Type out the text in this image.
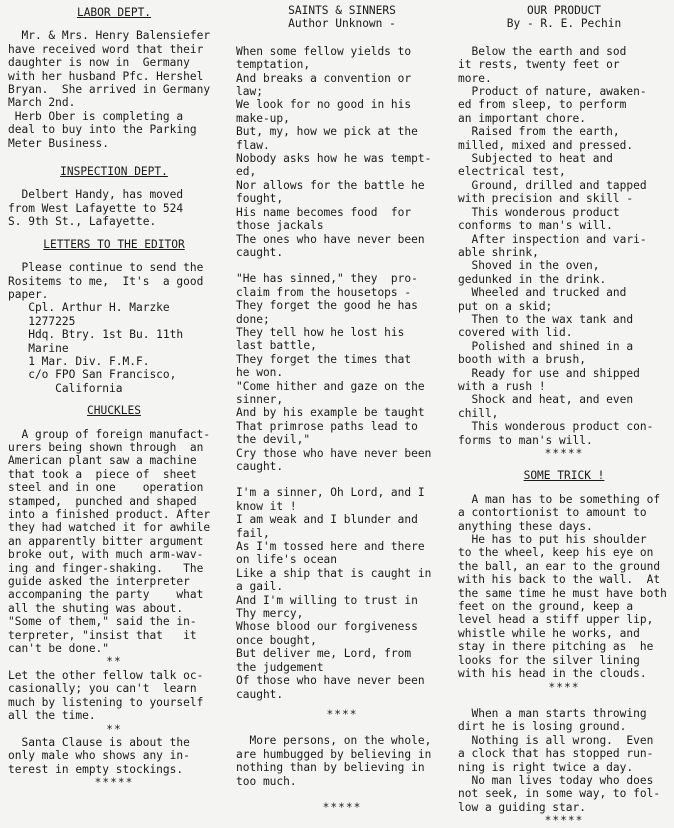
LABOR DEPT.

Mr. & Mrs. Henry Balensiefer
have received word that their
daughter is now in  Germany
with her husband Pfc. Hershel
Bryan.  She arrived in Germany
March 2nd.
Herb Ober is completing a
deal to buy into the Parking
Meter Business.

INSPECTION DEPT.

Delbert Handy, has moved
from West Lafayette to 524
S. 9th St., Lafayette.

LETTERS TO THE EDITOR

Please continue to send the
Rositems to me,  It's  a good
paper.
Cpl. Arthur H. Marzke
1277225
Hdq. Btry. 1st Bu. 11th
Marine
1 Mar. Div. F.M.F.
c/o FPO San Francisco,
California

CHUCKLES

A group of foreign manufact-
urers being shown through  an
American plant saw a machine
that took a  piece of  sheet
steel and in one    operation
stamped,  punched and shaped
into a finished product. After
they had watched it for awhile
an apparently bitter argument
broke out, with much arm-wav-
ing and finger-shaking.   The
guide asked the interpreter
accompaning the party    what
all the shuting was about.
"Some of them," said the in-
terpreter, "insist that   it
can't be done."

**

Let the other fellow talk oc-
casionally; you can't  learn
much by listening to yourself
all the time.

**

Santa Clause is about the
only male who shows any in-
terest in empty stockings.

*****
SAINTS & SINNERS
Author Unknown -

When some fellow yields to
temptation,
And breaks a convention or
law;
We look for no good in his
make-up,
But, my, how we pick at the
flaw.
Nobody asks how he was tempt-
ed,
Nor allows for the battle he
fought,
His name becomes food  for
those jackals
The ones who have never been
caught.

"He has sinned," they  pro-
claim from the housetops -
They forget the good he has
done;
They tell how he lost his
last battle,
They forget the times that
he won.
"Come hither and gaze on the
sinner,
And by his example be taught
That primrose paths lead to
the devil,"
Cry those who have never been
caught.

I'm a sinner, Oh Lord, and I
know it !
I am weak and I blunder and
fail,
As I'm tossed here and there
on life's ocean
Like a ship that is caught in
a gail.
And I'm willing to trust in
Thy mercy,
Whose blood our forgiveness
once bought,
But deliver me, Lord, from
the judgement
Of those who have never been
caught.

****

More persons, on the whole,
are humbugged by believing in
nothing than by believing in
too much.

*****
OUR PRODUCT
By - R. E. Pechin

Below the earth and sod
it rests, twenty feet or
more.
Product of nature, awaken-
ed from sleep, to perform
an important chore.
Raised from the earth,
milled, mixed and pressed.
Subjected to heat and
electrical test,
Ground, drilled and tapped
with precision and skill -
This wonderous product
conforms to man's will.
After inspection and vari-
able shrink,
Shoved in the oven,
gedunked in the drink.
Wheeled and trucked and
put on a skid;
Then to the wax tank and
covered with lid.
Polished and shined in a
booth with a brush,
Ready for use and shipped
with a rush !
Shock and heat, and even
chill,
This wonderous product con-
forms to man's will.

*****
SOME TRICK !

A man has to be something of
a contortionist to amount to
anything these days.
He has to put his shoulder
to the wheel, keep his eye on
the ball, an ear to the ground
with his back to the wall.  At
the same time he must have both
feet on the ground, keep a
level head a stiff upper lip,
whistle while he works, and
stay in there pitching as  he
looks for the silver lining
with his head in the clouds.

****

When a man starts throwing
dirt he is losing ground.
Nothing is all wrong.  Even
a clock that has stopped run-
ning is right twice a day.
No man lives today who does
not seek, in some way, to fol-
low a guiding star.

*****
